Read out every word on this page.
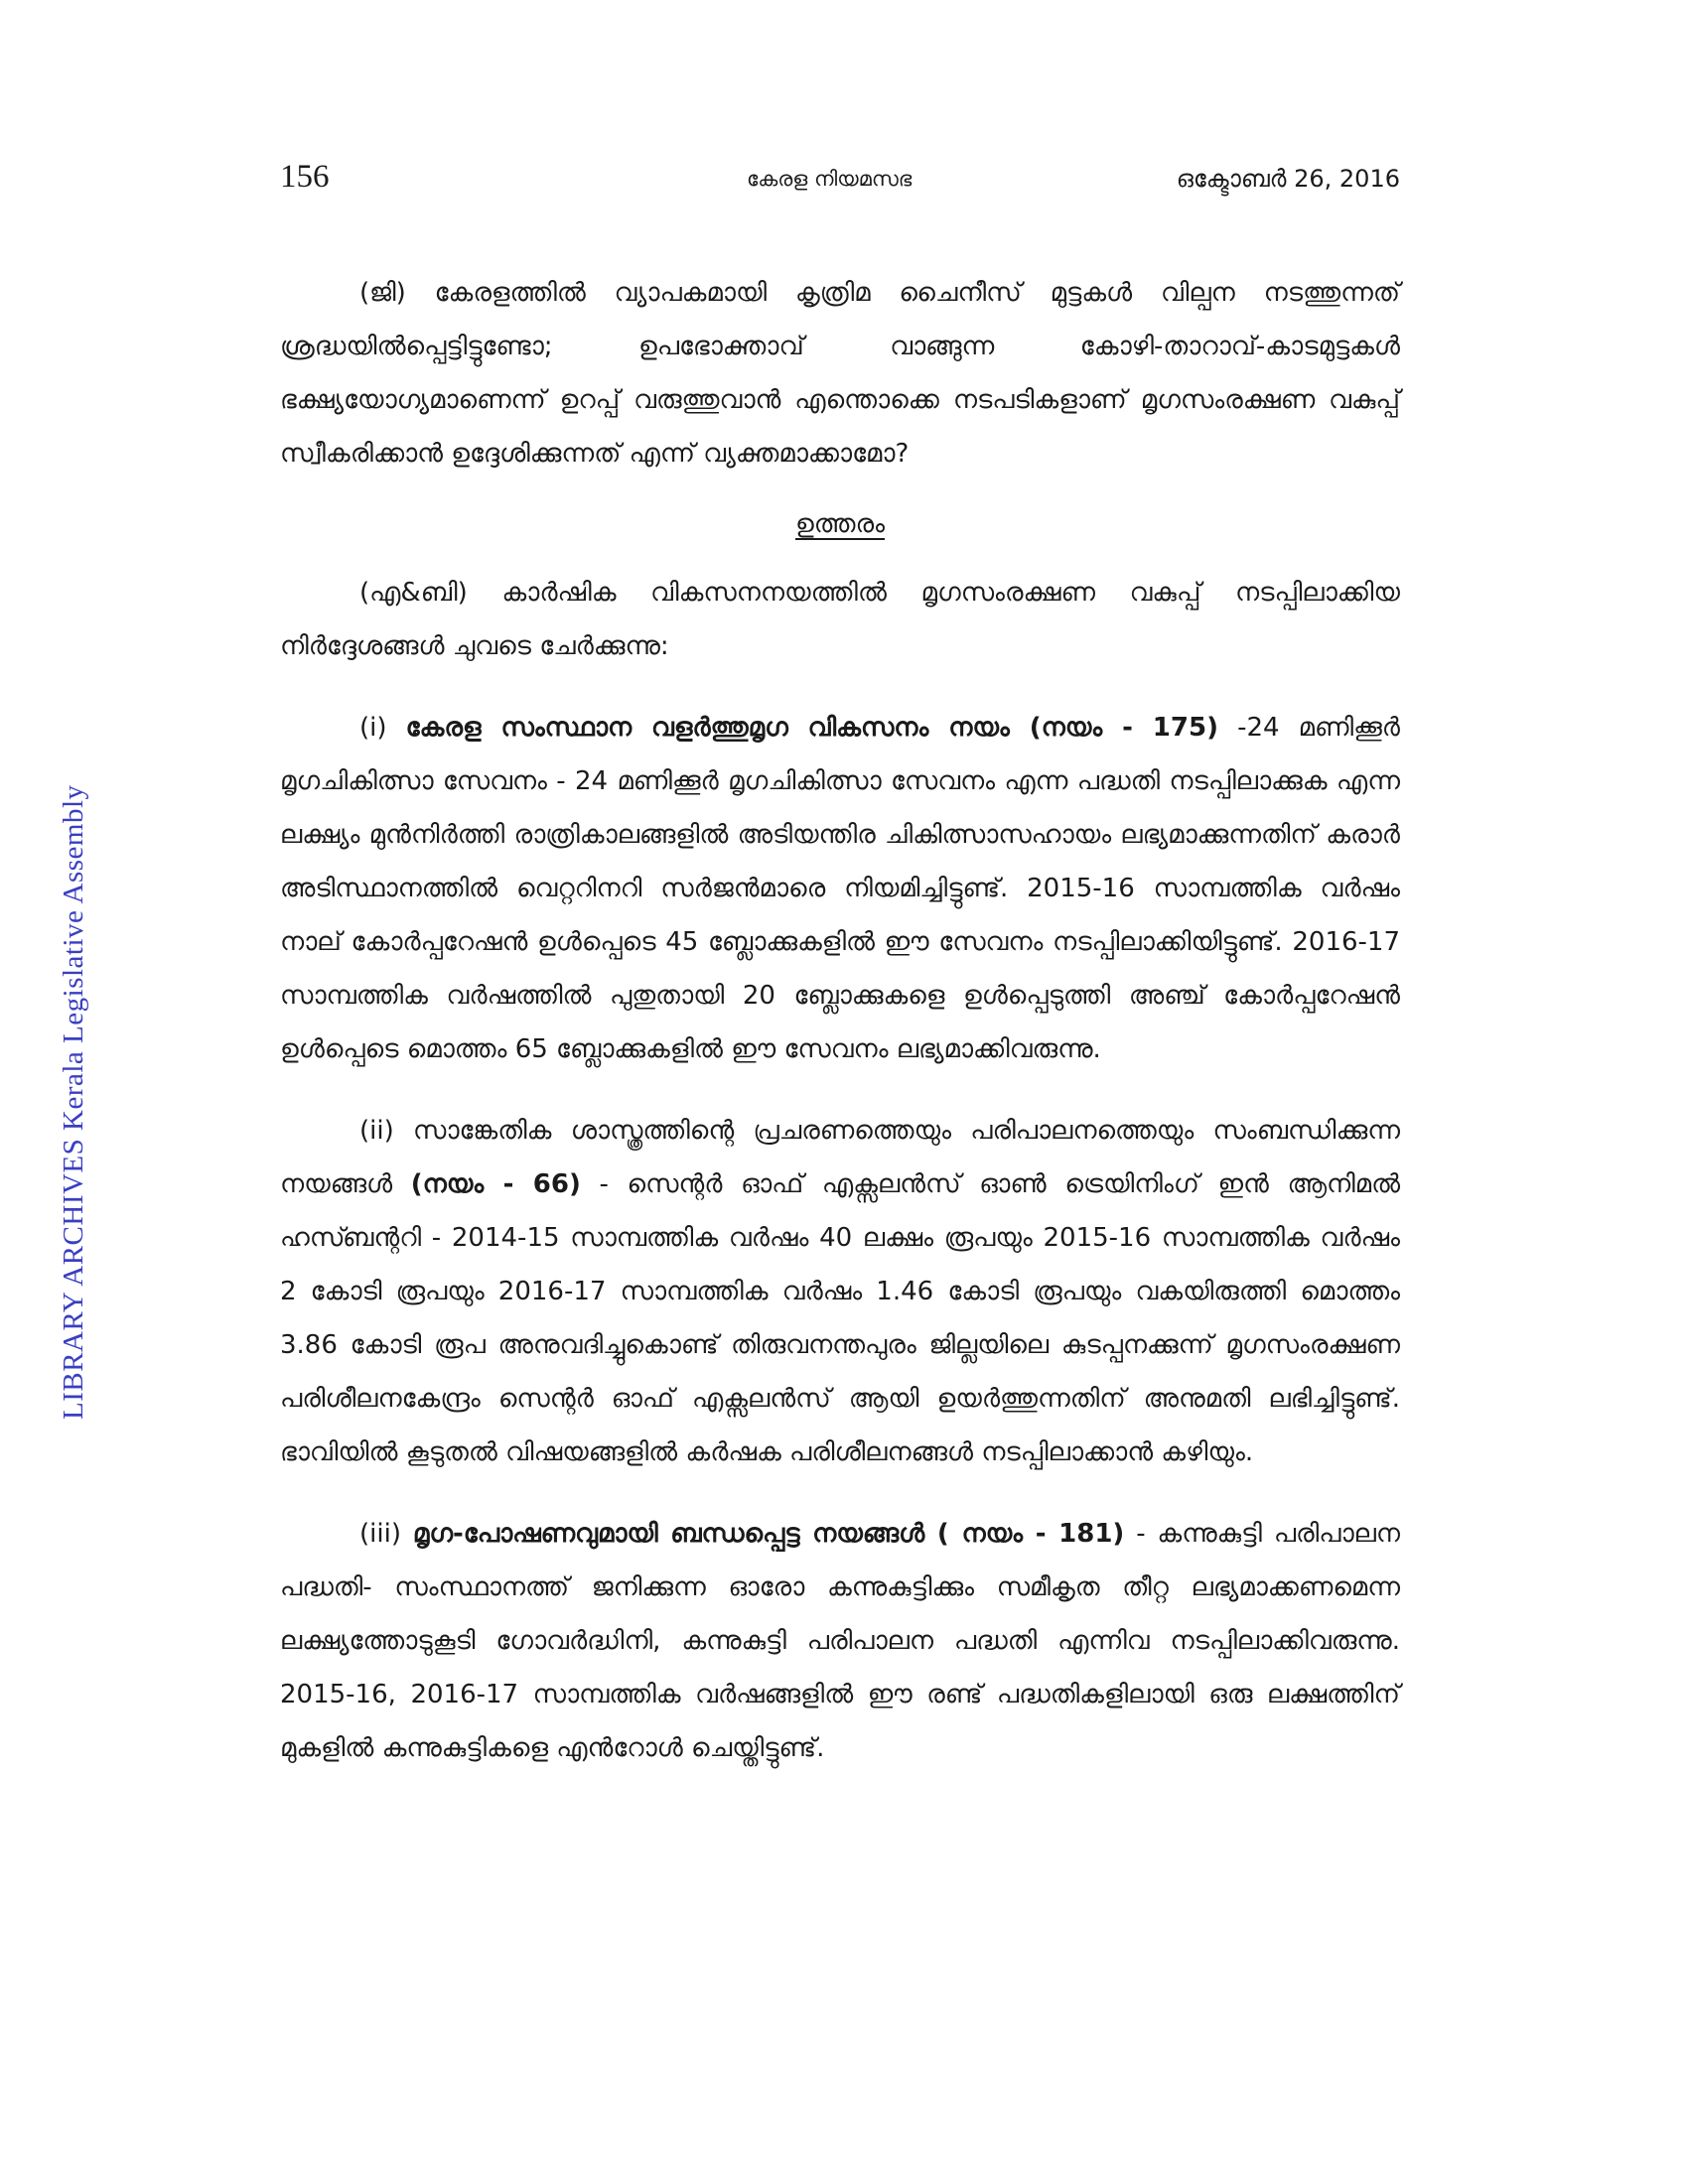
LIBRARY ARCHIVES Kerala Legislative Assembly
156	കേരള നിയമസഭ	ഒക്ടോബർ 26, 2016

(ജി) കേരളത്തിൽ വ്യാപകമായി കൃത്രിമ ചൈനീസ് മുട്ടകൾ വില്പന നടത്തുന്നത് ശ്രദ്ധയിൽപ്പെട്ടിട്ടുണ്ടോ; ഉപഭോക്താവ് വാങ്ങുന്ന കോഴി-താറാവ്-കാടമുട്ടകൾ ഭക്ഷ്യയോഗ്യമാണെന്ന് ഉറപ്പ് വരുത്തുവാൻ എന്തൊക്കെ നടപടികളാണ് മൃഗസംരക്ഷണ വകുപ്പ് സ്വീകരിക്കാൻ ഉദ്ദേശിക്കുന്നത് എന്ന് വ്യക്തമാക്കാമോ?

ഉത്തരം

(എ&ബി) കാർഷിക വികസനനയത്തിൽ മൃഗസംരക്ഷണ വകുപ്പ് നടപ്പിലാക്കിയ നിർദ്ദേശങ്ങൾ ചുവടെ ചേർക്കുന്നു:

(i) കേരള സംസ്ഥാന വളർത്തുമൃഗ വികസനം നയം (നയം - 175) -24 മണിക്കൂർ മൃഗചികിത്സാ സേവനം - 24 മണിക്കൂർ മൃഗചികിത്സാ സേവനം എന്ന പദ്ധതി നടപ്പിലാക്കുക എന്ന ലക്ഷ്യം മുൻനിർത്തി രാത്രികാലങ്ങളിൽ അടിയന്തിര ചികിത്സാസഹായം ലഭ്യമാക്കുന്നതിന് കരാർ അടിസ്ഥാനത്തിൽ വെറ്ററിനറി സർജൻമാരെ നിയമിച്ചിട്ടുണ്ട്. 2015-16 സാമ്പത്തിക വർഷം നാല് കോർപ്പറേഷൻ ഉൾപ്പെടെ 45 ബ്ലോക്കുകളിൽ ഈ സേവനം നടപ്പിലാക്കിയിട്ടുണ്ട്. 2016-17 സാമ്പത്തിക വർഷത്തിൽ പുതുതായി 20 ബ്ലോക്കുകളെ ഉൾപ്പെടുത്തി അഞ്ച് കോർപ്പറേഷൻ ഉൾപ്പെടെ മൊത്തം 65 ബ്ലോക്കുകളിൽ ഈ സേവനം ലഭ്യമാക്കിവരുന്നു.

(ii) സാങ്കേതിക ശാസ്ത്രത്തിന്റെ പ്രചരണത്തെയും പരിപാലനത്തെയും സംബന്ധിക്കുന്ന നയങ്ങൾ (നയം - 66) - സെന്റർ ഓഫ് എക്സലൻസ് ഓൺ ട്രെയിനിംഗ് ഇൻ ആനിമൽ ഹസ്ബന്ററി - 2014-15 സാമ്പത്തിക വർഷം 40 ലക്ഷം രൂപയും 2015-16 സാമ്പത്തിക വർഷം 2 കോടി രൂപയും 2016-17 സാമ്പത്തിക വർഷം 1.46 കോടി രൂപയും വകയിരുത്തി മൊത്തം 3.86 കോടി രൂപ അനുവദിച്ചുകൊണ്ട് തിരുവനന്തപുരം ജില്ലയിലെ കുടപ്പനക്കുന്ന് മൃഗസംരക്ഷണ പരിശീലനകേന്ദ്രം സെന്റർ ഓഫ് എക്സലൻസ് ആയി ഉയർത്തുന്നതിന് അനുമതി ലഭിച്ചിട്ടുണ്ട്. ഭാവിയിൽ കൂടുതൽ വിഷയങ്ങളിൽ കർഷക പരിശീലനങ്ങൾ നടപ്പിലാക്കാൻ കഴിയും.

(iii) മൃഗ-പോഷണവുമായി ബന്ധപ്പെട്ട നയങ്ങൾ ( നയം - 181) - കന്നുകുട്ടി പരിപാലന പദ്ധതി- സംസ്ഥാനത്ത് ജനിക്കുന്ന ഓരോ കന്നുകുട്ടിക്കും സമീകൃത തീറ്റ ലഭ്യമാക്കണമെന്ന ലക്ഷ്യത്തോടുകൂടി ഗോവർദ്ധിനി, കന്നുകുട്ടി പരിപാലന പദ്ധതി എന്നിവ നടപ്പിലാക്കിവരുന്നു. 2015-16, 2016-17 സാമ്പത്തിക വർഷങ്ങളിൽ ഈ രണ്ട് പദ്ധതികളിലായി ഒരു ലക്ഷത്തിന് മുകളിൽ കന്നുകുട്ടികളെ എൻറോൾ ചെയ്തിട്ടുണ്ട്.
